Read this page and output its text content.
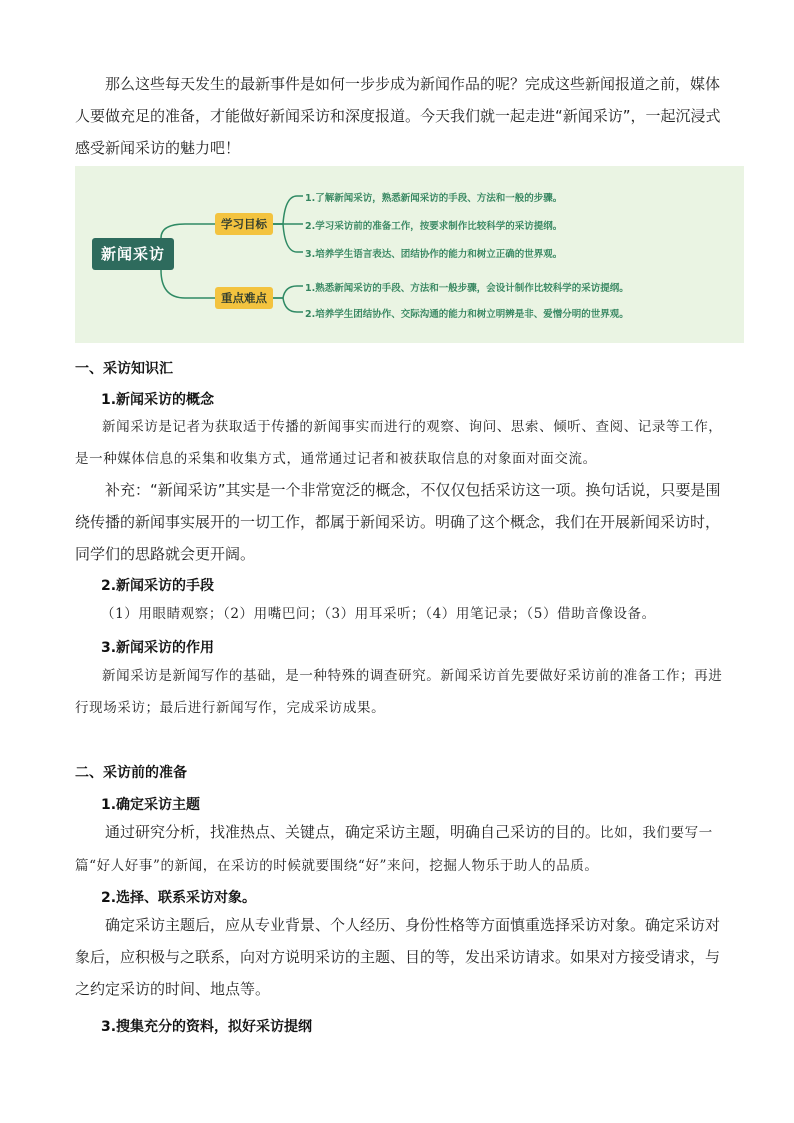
那么这些每天发生的最新事件是如何一步步成为新闻作品的呢？完成这些新闻报道之前，媒体人要做充足的准备，才能做好新闻采访和深度报道。今天我们就一起走进“新闻采访”，一起沉浸式感受新闻采访的魅力吧！

新闻采访
学习目标
1.了解新闻采访，熟悉新闻采访的手段、方法和一般的步骤。
2.学习采访前的准备工作，按要求制作比较科学的采访提纲。
3.培养学生语言表达、团结协作的能力和树立正确的世界观。
重点难点
1.熟悉新闻采访的手段、方法和一般步骤，会设计制作比较科学的采访提纲。
2.培养学生团结协作、交际沟通的能力和树立明辨是非、爱憎分明的世界观。
一、采访知识汇
1.新闻采访的概念

新闻采访是记者为获取适于传播的新闻事实而进行的观察、询问、思索、倾听、查阅、记录等工作，是一种媒体信息的采集和收集方式，通常通过记者和被获取信息的对象面对面交流。

补充：“新闻采访”其实是一个非常宽泛的概念，不仅仅包括采访这一项。换句话说，只要是围绕传播的新闻事实展开的一切工作，都属于新闻采访。明确了这个概念，我们在开展新闻采访时，同学们的思路就会更开阔。

2.新闻采访的手段

（1）用眼睛观察；（2）用嘴巴问；（3）用耳采听；（4）用笔记录；（5）借助音像设备。

3.新闻采访的作用

新闻采访是新闻写作的基础，是一种特殊的调查研究。新闻采访首先要做好采访前的准备工作；再进行现场采访；最后进行新闻写作，完成采访成果。

二、采访前的准备
1.确定采访主题

通过研究分析，找准热点、关键点，确定采访主题，明确自己采访的目的。比如，我们要写一篇“好人好事”的新闻，在采访的时候就要围绕“好”来问，挖掘人物乐于助人的品质。

2.选择、联系采访对象。

确定采访主题后，应从专业背景、个人经历、身份性格等方面慎重选择采访对象。确定采访对象后，应积极与之联系，向对方说明采访的主题、目的等，发出采访请求。如果对方接受请求，与之约定采访的时间、地点等。

3.搜集充分的资料，拟好采访提纲
